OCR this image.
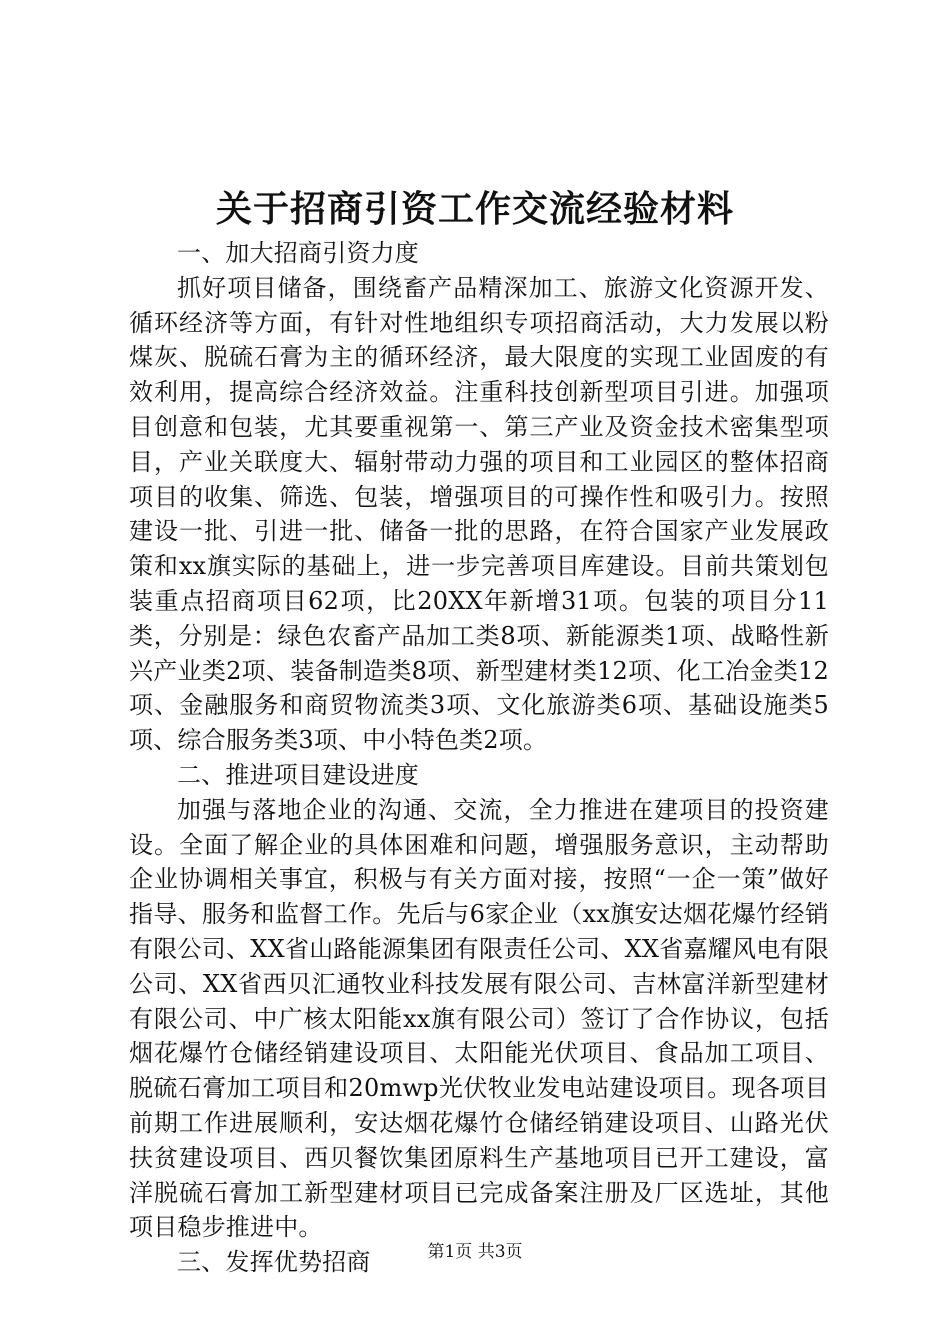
关于招商引资工作交流经验材料

一、加大招商引资力度

抓好项目储备，围绕畜产品精深加工、旅游文化资源开发、循环经济等方面，有针对性地组织专项招商活动，大力发展以粉煤灰、脱硫石膏为主的循环经济，最大限度的实现工业固废的有效利用，提高综合经济效益。注重科技创新型项目引进。加强项目创意和包装，尤其要重视第一、第三产业及资金技术密集型项目，产业关联度大、辐射带动力强的项目和工业园区的整体招商项目的收集、筛选、包装，增强项目的可操作性和吸引力。按照建设一批、引进一批、储备一批的思路，在符合国家产业发展政策和xx旗实际的基础上，进一步完善项目库建设。目前共策划包装重点招商项目62项，比20XX年新增31项。包装的项目分11类，分别是：绿色农畜产品加工类8项、新能源类1项、战略性新兴产业类2项、装备制造类8项、新型建材类12项、化工冶金类12项、金融服务和商贸物流类3项、文化旅游类6项、基础设施类5项、综合服务类3项、中小特色类2项。

二、推进项目建设进度

加强与落地企业的沟通、交流，全力推进在建项目的投资建设。全面了解企业的具体困难和问题，增强服务意识，主动帮助企业协调相关事宜，积极与有关方面对接，按照“一企一策”做好指导、服务和监督工作。先后与6家企业（xx旗安达烟花爆竹经销有限公司、XX省山路能源集团有限责任公司、XX省嘉耀风电有限公司、XX省西贝汇通牧业科技发展有限公司、吉林富洋新型建材有限公司、中广核太阳能xx旗有限公司）签订了合作协议，包括烟花爆竹仓储经销建设项目、太阳能光伏项目、食品加工项目、脱硫石膏加工项目和20mwp光伏牧业发电站建设项目。现各项目前期工作进展顺利，安达烟花爆竹仓储经销建设项目、山路光伏扶贫建设项目、西贝餐饮集团原料生产基地项目已开工建设，富洋脱硫石膏加工新型建材项目已完成备案注册及厂区选址，其他项目稳步推进中。

三、发挥优势招商	第1页 共3页
